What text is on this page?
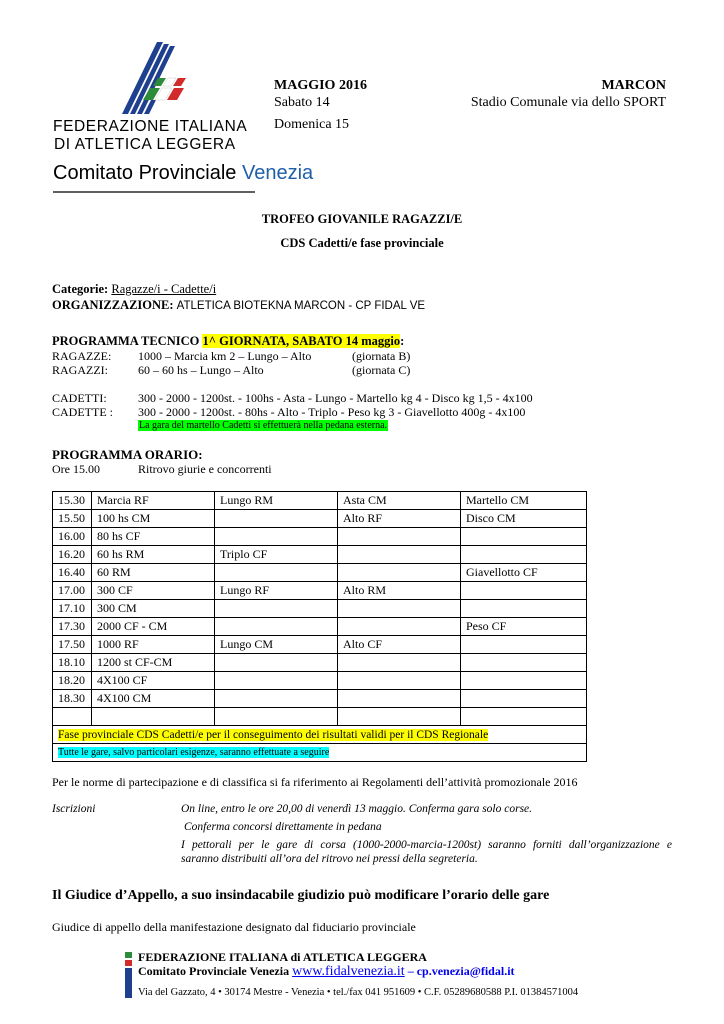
FEDERAZIONE ITALIANA
DI ATLETICA LEGGERA
Comitato Provinciale Venezia
MAGGIO 2016
Sabato 14
Domenica 15
MARCON
Stadio Comunale via dello SPORT
TROFEO GIOVANILE RAGAZZI/E
CDS Cadetti/e fase provinciale
Categorie: Ragazze/i - Cadette/i
ORGANIZZAZIONE: ATLETICA BIOTEKNA MARCON - CP FIDAL VE
PROGRAMMA TECNICO 1^ GIORNATA, SABATO 14 maggio:
RAGAZZE: 1000 – Marcia km 2 – Lungo – Alto	(giornata B)
RAGAZZI:	60 – 60 hs – Lungo – Alto	(giornata C)
CADETTI:	300 - 2000 - 1200st. - 100hs - Asta - Lungo - Martello kg 4 - Disco kg 1,5 - 4x100
CADETTE : 300 - 2000 - 1200st. - 80hs - Alto - Triplo - Peso kg 3 - Giavellotto 400g - 4x100
La gara del martello Cadetti si effettuerà nella pedana esterna.
PROGRAMMA ORARIO:
Ore 15.00	Ritrovo giurie e concorrenti
15.30	Marcia RF	Lungo RM	Asta CM	Martello CM
15.50	100 hs CM		Alto RF	Disco CM
16.00	80 hs CF			
16.20	60 hs RM	Triplo CF		
16.40	60 RM			Giavellotto CF
17.00	300 CF	Lungo RF	Alto RM	
17.10	300 CM			
17.30	2000 CF - CM			Peso CF
17.50	1000 RF	Lungo CM	Alto CF	
18.10	1200 st CF-CM			
18.20	4X100 CF			
18.30	4X100 CM			

Fase provinciale CDS Cadetti/e per il conseguimento dei risultati validi per il CDS Regionale				
Tutte le gare, salvo particolari esigenze, saranno effettuate a seguire				
Per le norme di partecipazione e di classifica si fa riferimento ai Regolamenti dell’attività promozionale 2016
Iscrizioni	On line, entro le ore 20,00 di venerdì 13 maggio. Conferma gara solo corse.
Conferma concorsi direttamente in pedana
I pettorali per le gare di corsa (1000-2000-marcia-1200st) saranno forniti dall’organizzazione e
saranno distribuiti all’ora del ritrovo nei pressi della segreteria.
Il Giudice d’Appello, a suo insindacabile giudizio può modificare l’orario delle gare
Giudice di appello della manifestazione designato dal fiduciario provinciale
FEDERAZIONE ITALIANA di ATLETICA LEGGERA
Comitato Provinciale Venezia www.fidalvenezia.it – cp.venezia@fidal.it
Via del Gazzato, 4 • 30174 Mestre - Venezia • tel./fax 041 951609 • C.F. 05289680588 P.I. 01384571004
